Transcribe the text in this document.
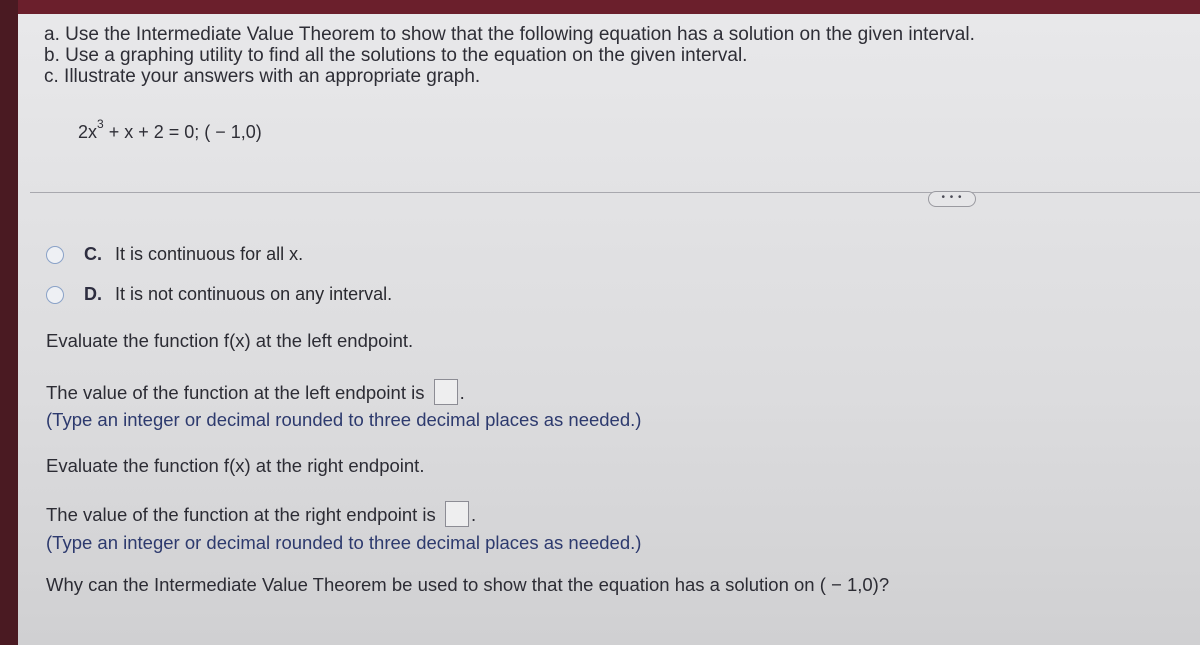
a. Use the Intermediate Value Theorem to show that the following equation has a solution on the given interval.
b. Use a graphing utility to find all the solutions to the equation on the given interval.
c. Illustrate your answers with an appropriate graph.
$2x^3 + x + 2 = 0$; ( − 1,0)
• • •
C. It is continuous for all x.
D. It is not continuous on any interval.
Evaluate the function f(x) at the left endpoint.
The value of the function at the left endpoint is .
(Type an integer or decimal rounded to three decimal places as needed.)
Evaluate the function f(x) at the right endpoint.
The value of the function at the right endpoint is .
(Type an integer or decimal rounded to three decimal places as needed.)
Why can the Intermediate Value Theorem be used to show that the equation has a solution on ( − 1,0)?
